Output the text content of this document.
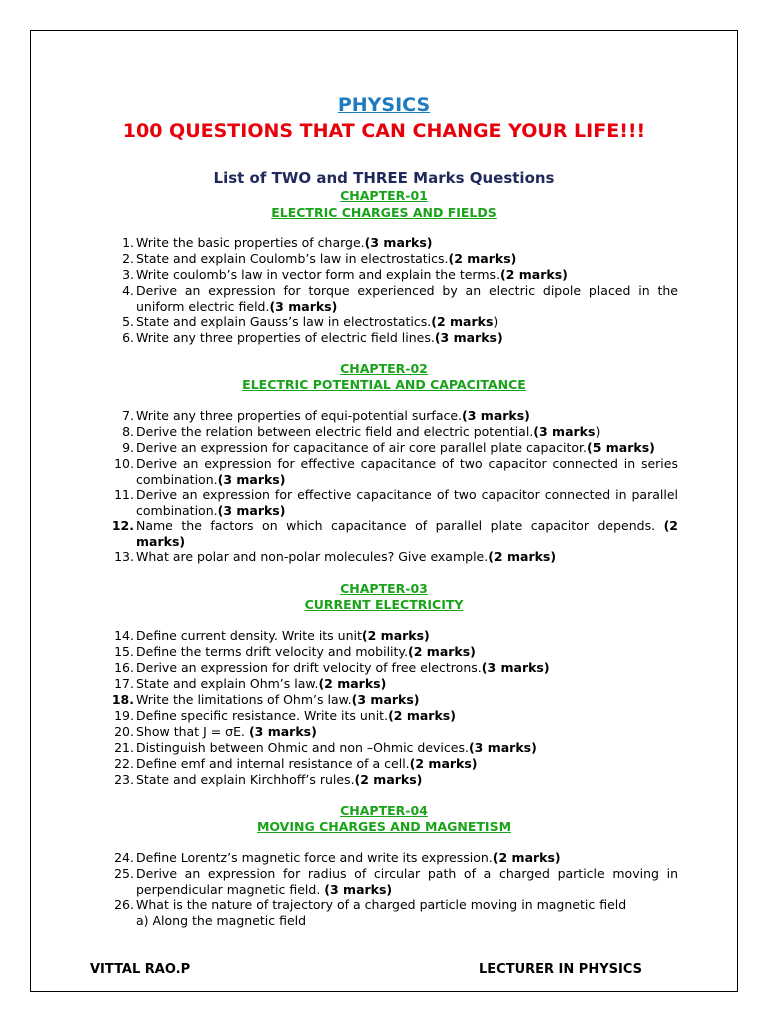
PHYSICS
100 QUESTIONS THAT CAN CHANGE YOUR LIFE!!!
List of TWO and THREE Marks Questions
CHAPTER-01
ELECTRIC CHARGES AND FIELDS
1. Write the basic properties of charge.(3 marks)
2. State and explain Coulomb’s law in electrostatics.(2 marks)
3. Write coulomb’s law in vector form and explain the terms.(2 marks)
4. Derive an expression for torque experienced by an electric dipole placed in the uniform electric field.(3 marks)
5. State and explain Gauss’s law in electrostatics.(2 marks)
6. Write any three properties of electric field lines.(3 marks)
CHAPTER-02
ELECTRIC POTENTIAL AND CAPACITANCE
7. Write any three properties of equi-potential surface.(3 marks)
8. Derive the relation between electric field and electric potential.(3 marks)
9. Derive an expression for capacitance of air core parallel plate capacitor.(5 marks)
10. Derive an expression for effective capacitance of two capacitor connected in series combination.(3 marks)
11. Derive an expression for effective capacitance of two capacitor connected in parallel combination.(3 marks)
12. Name the factors on which capacitance of parallel plate capacitor depends. (2 marks)
13. What are polar and non-polar molecules? Give example.(2 marks)
CHAPTER-03
CURRENT ELECTRICITY
14. Define current density. Write its unit(2 marks)
15. Define the terms drift velocity and mobility.(2 marks)
16. Derive an expression for drift velocity of free electrons.(3 marks)
17. State and explain Ohm’s law.(2 marks)
18. Write the limitations of Ohm’s law.(3 marks)
19. Define specific resistance. Write its unit.(2 marks)
20. Show that J = σE. (3 marks)
21. Distinguish between Ohmic and non –Ohmic devices.(3 marks)
22. Define emf and internal resistance of a cell.(2 marks)
23. State and explain Kirchhoff’s rules.(2 marks)
CHAPTER-04
MOVING CHARGES AND MAGNETISM
24. Define Lorentz’s magnetic force and write its expression.(2 marks)
25. Derive an expression for radius of circular path of a charged particle moving in perpendicular magnetic field. (3 marks)
26. What is the nature of trajectory of a charged particle moving in magnetic field
a) Along the magnetic field
VITTAL RAO.P	LECTURER IN PHYSICS
